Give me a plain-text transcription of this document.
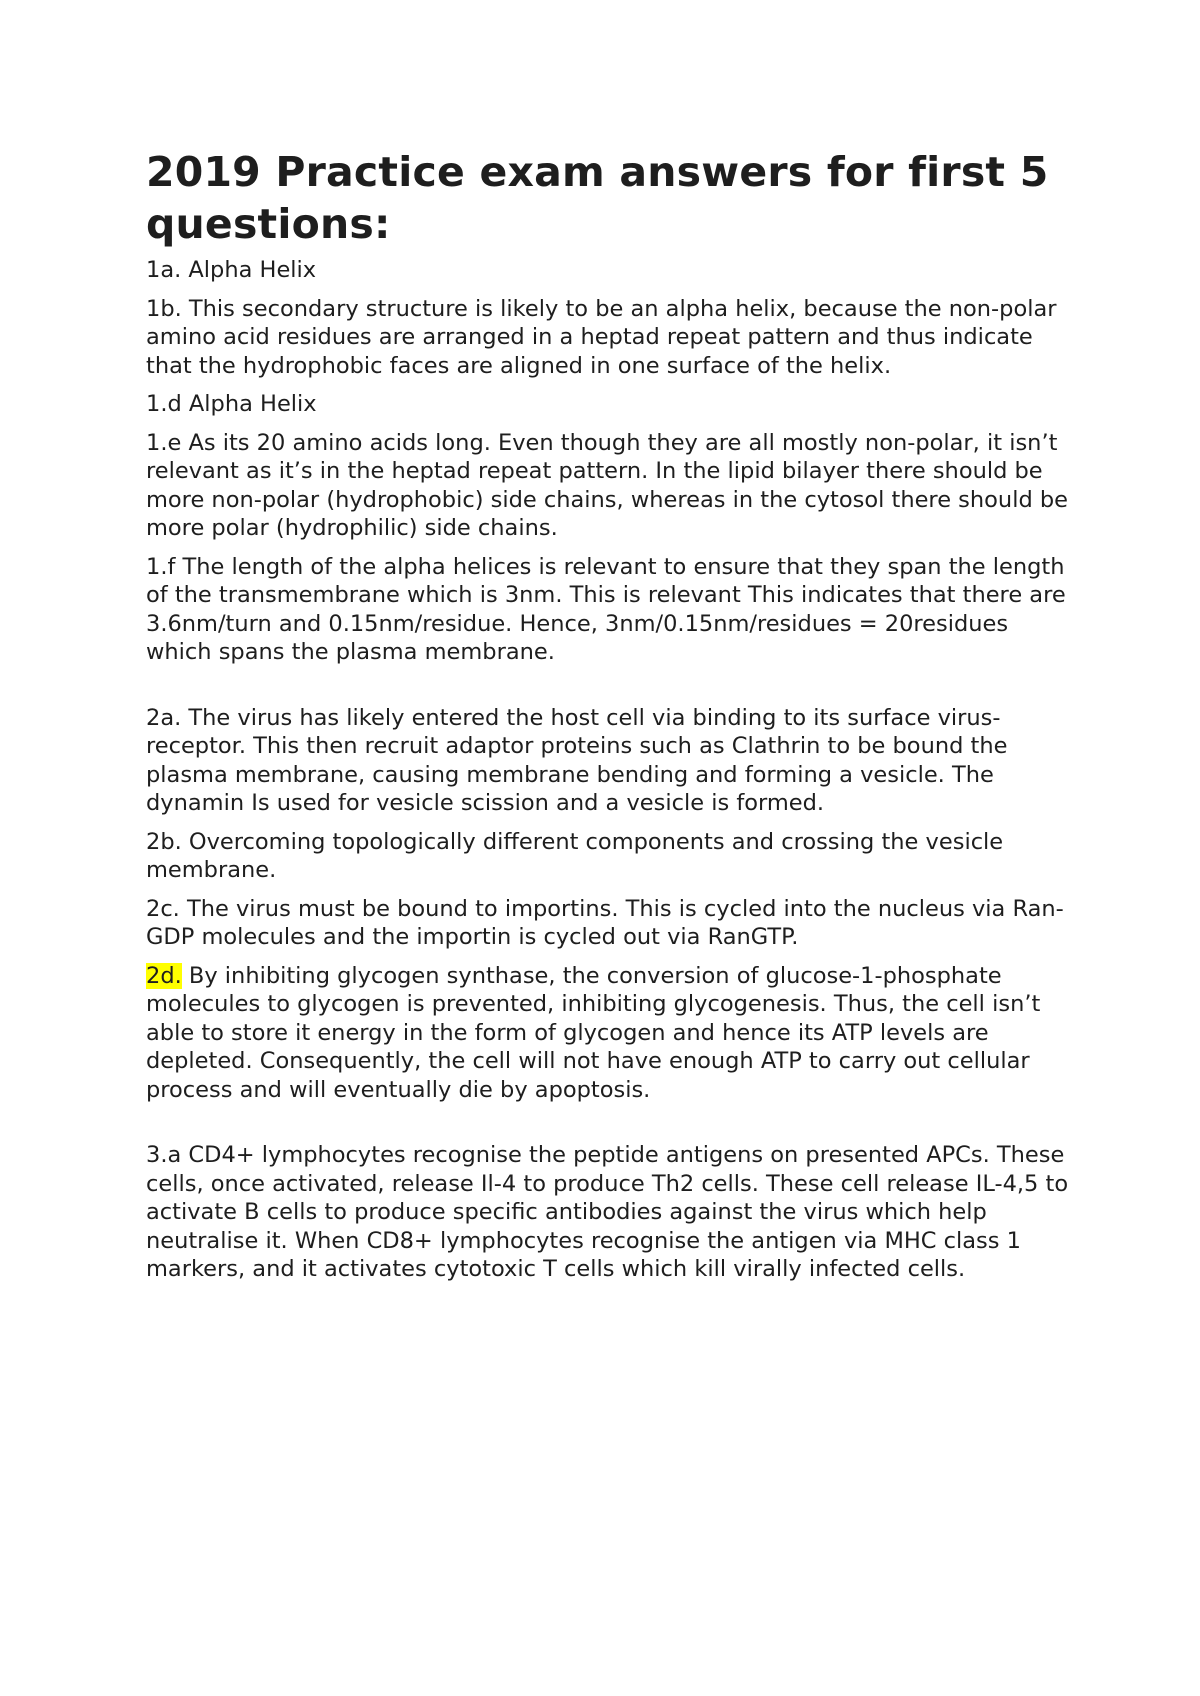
2019 Practice exam answers for first 5 questions:

1a. Alpha Helix

1b. This secondary structure is likely to be an alpha helix, because the non-polar amino acid residues are arranged in a heptad repeat pattern and thus indicate that the hydrophobic faces are aligned in one surface of the helix.

1.d Alpha Helix

1.e As its 20 amino acids long. Even though they are all mostly non-polar, it isn’t relevant as it’s in the heptad repeat pattern. In the lipid bilayer there should be more non-polar (hydrophobic) side chains, whereas in the cytosol there should be more polar (hydrophilic) side chains.

1.f The length of the alpha helices is relevant to ensure that they span the length of the transmembrane which is 3nm. This is relevant This indicates that there are 3.6nm/turn and 0.15nm/residue. Hence, 3nm/0.15nm/residues = 20residues which spans the plasma membrane.

2a. The virus has likely entered the host cell via binding to its surface virus-receptor. This then recruit adaptor proteins such as Clathrin to be bound the plasma membrane, causing membrane bending and forming a vesicle. The dynamin Is used for vesicle scission and a vesicle is formed.

2b. Overcoming topologically different components and crossing the vesicle membrane.

2c. The virus must be bound to importins. This is cycled into the nucleus via Ran-GDP molecules and the importin is cycled out via RanGTP.

2d. By inhibiting glycogen synthase, the conversion of glucose-1-phosphate molecules to glycogen is prevented, inhibiting glycogenesis. Thus, the cell isn’t able to store it energy in the form of glycogen and hence its ATP levels are depleted. Consequently, the cell will not have enough ATP to carry out cellular process and will eventually die by apoptosis.

3.a CD4+ lymphocytes recognise the peptide antigens on presented APCs. These cells, once activated, release Il-4 to produce Th2 cells. These cell release IL-4,5 to activate B cells to produce specific antibodies against the virus which help neutralise it. When CD8+ lymphocytes recognise the antigen via MHC class 1 markers, and it activates cytotoxic T cells which kill virally infected cells.
